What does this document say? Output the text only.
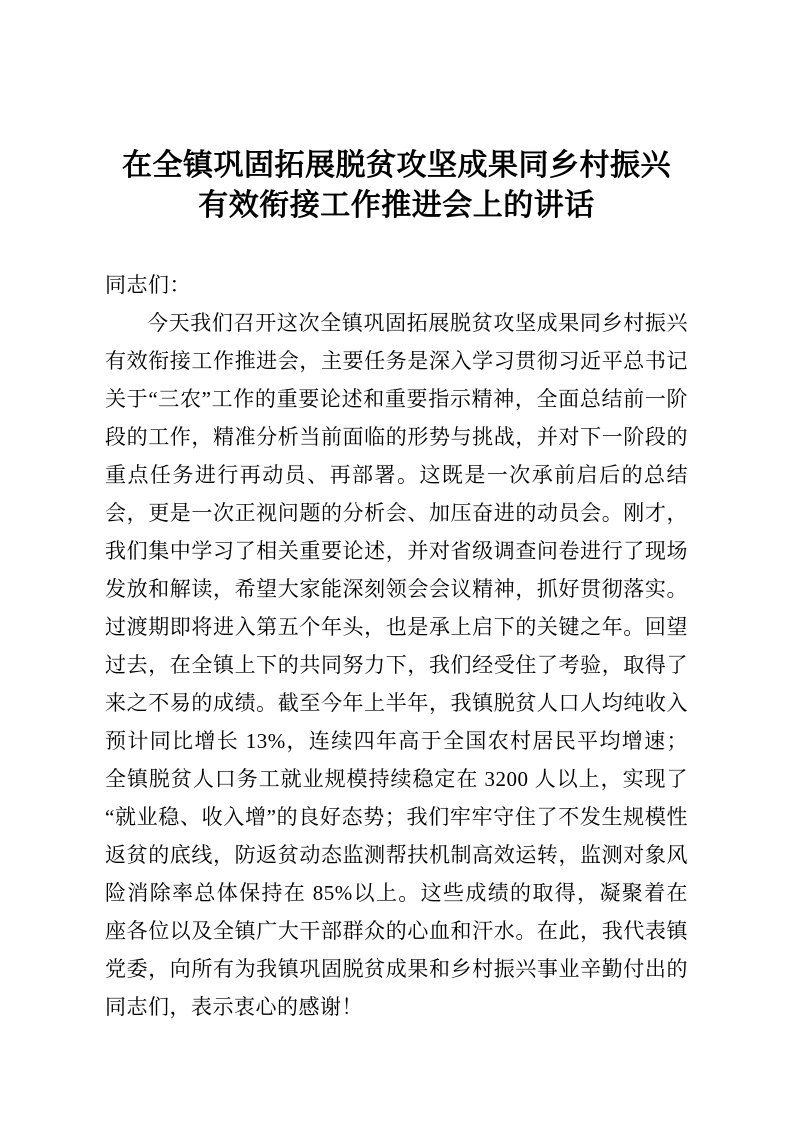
在全镇巩固拓展脱贫攻坚成果同乡村振兴
有效衔接工作推进会上的讲话

同志们：

今天我们召开这次全镇巩固拓展脱贫攻坚成果同乡村振兴有效衔接工作推进会，主要任务是深入学习贯彻习近平总书记关于“三农”工作的重要论述和重要指示精神，全面总结前一阶段的工作，精准分析当前面临的形势与挑战，并对下一阶段的重点任务进行再动员、再部署。这既是一次承前启后的总结会，更是一次正视问题的分析会、加压奋进的动员会。刚才，我们集中学习了相关重要论述，并对省级调查问卷进行了现场发放和解读，希望大家能深刻领会会议精神，抓好贯彻落实。过渡期即将进入第五个年头，也是承上启下的关键之年。回望过去，在全镇上下的共同努力下，我们经受住了考验，取得了来之不易的成绩。截至今年上半年，我镇脱贫人口人均纯收入预计同比增长 13%，连续四年高于全国农村居民平均增速；全镇脱贫人口务工就业规模持续稳定在 3200 人以上，实现了“就业稳、收入增”的良好态势；我们牢牢守住了不发生规模性返贫的底线，防返贫动态监测帮扶机制高效运转，监测对象风险消除率总体保持在 85%以上。这些成绩的取得，凝聚着在座各位以及全镇广大干部群众的心血和汗水。在此，我代表镇党委，向所有为我镇巩固脱贫成果和乡村振兴事业辛勤付出的同志们，表示衷心的感谢！
